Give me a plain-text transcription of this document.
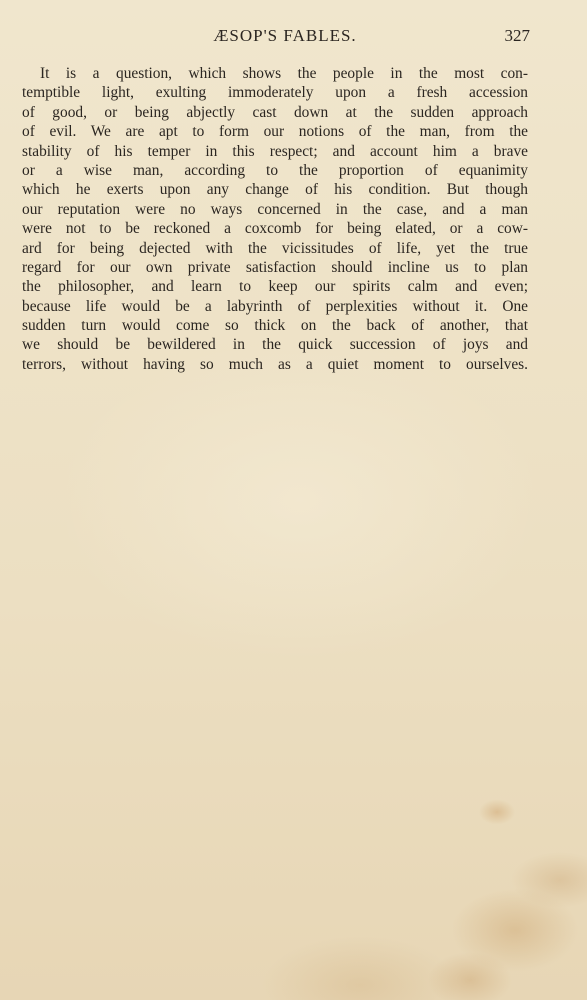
ÆSOP'S FABLES.	327
It is a question, which shows the people in the most con-
temptible light, exulting immoderately upon a fresh accession
of good, or being abjectly cast down at the sudden approach
of evil. We are apt to form our notions of the man, from the
stability of his temper in this respect; and account him a brave
or a wise man, according to the proportion of equanimity
which he exerts upon any change of his condition. But though
our reputation were no ways concerned in the case, and a man
were not to be reckoned a coxcomb for being elated, or a cow-
ard for being dejected with the vicissitudes of life, yet the true
regard for our own private satisfaction should incline us to plan
the philosopher, and learn to keep our spirits calm and even;
because life would be a labyrinth of perplexities without it. One
sudden turn would come so thick on the back of another, that
we should be bewildered in the quick succession of joys and
terrors, without having so much as a quiet moment to ourselves.
